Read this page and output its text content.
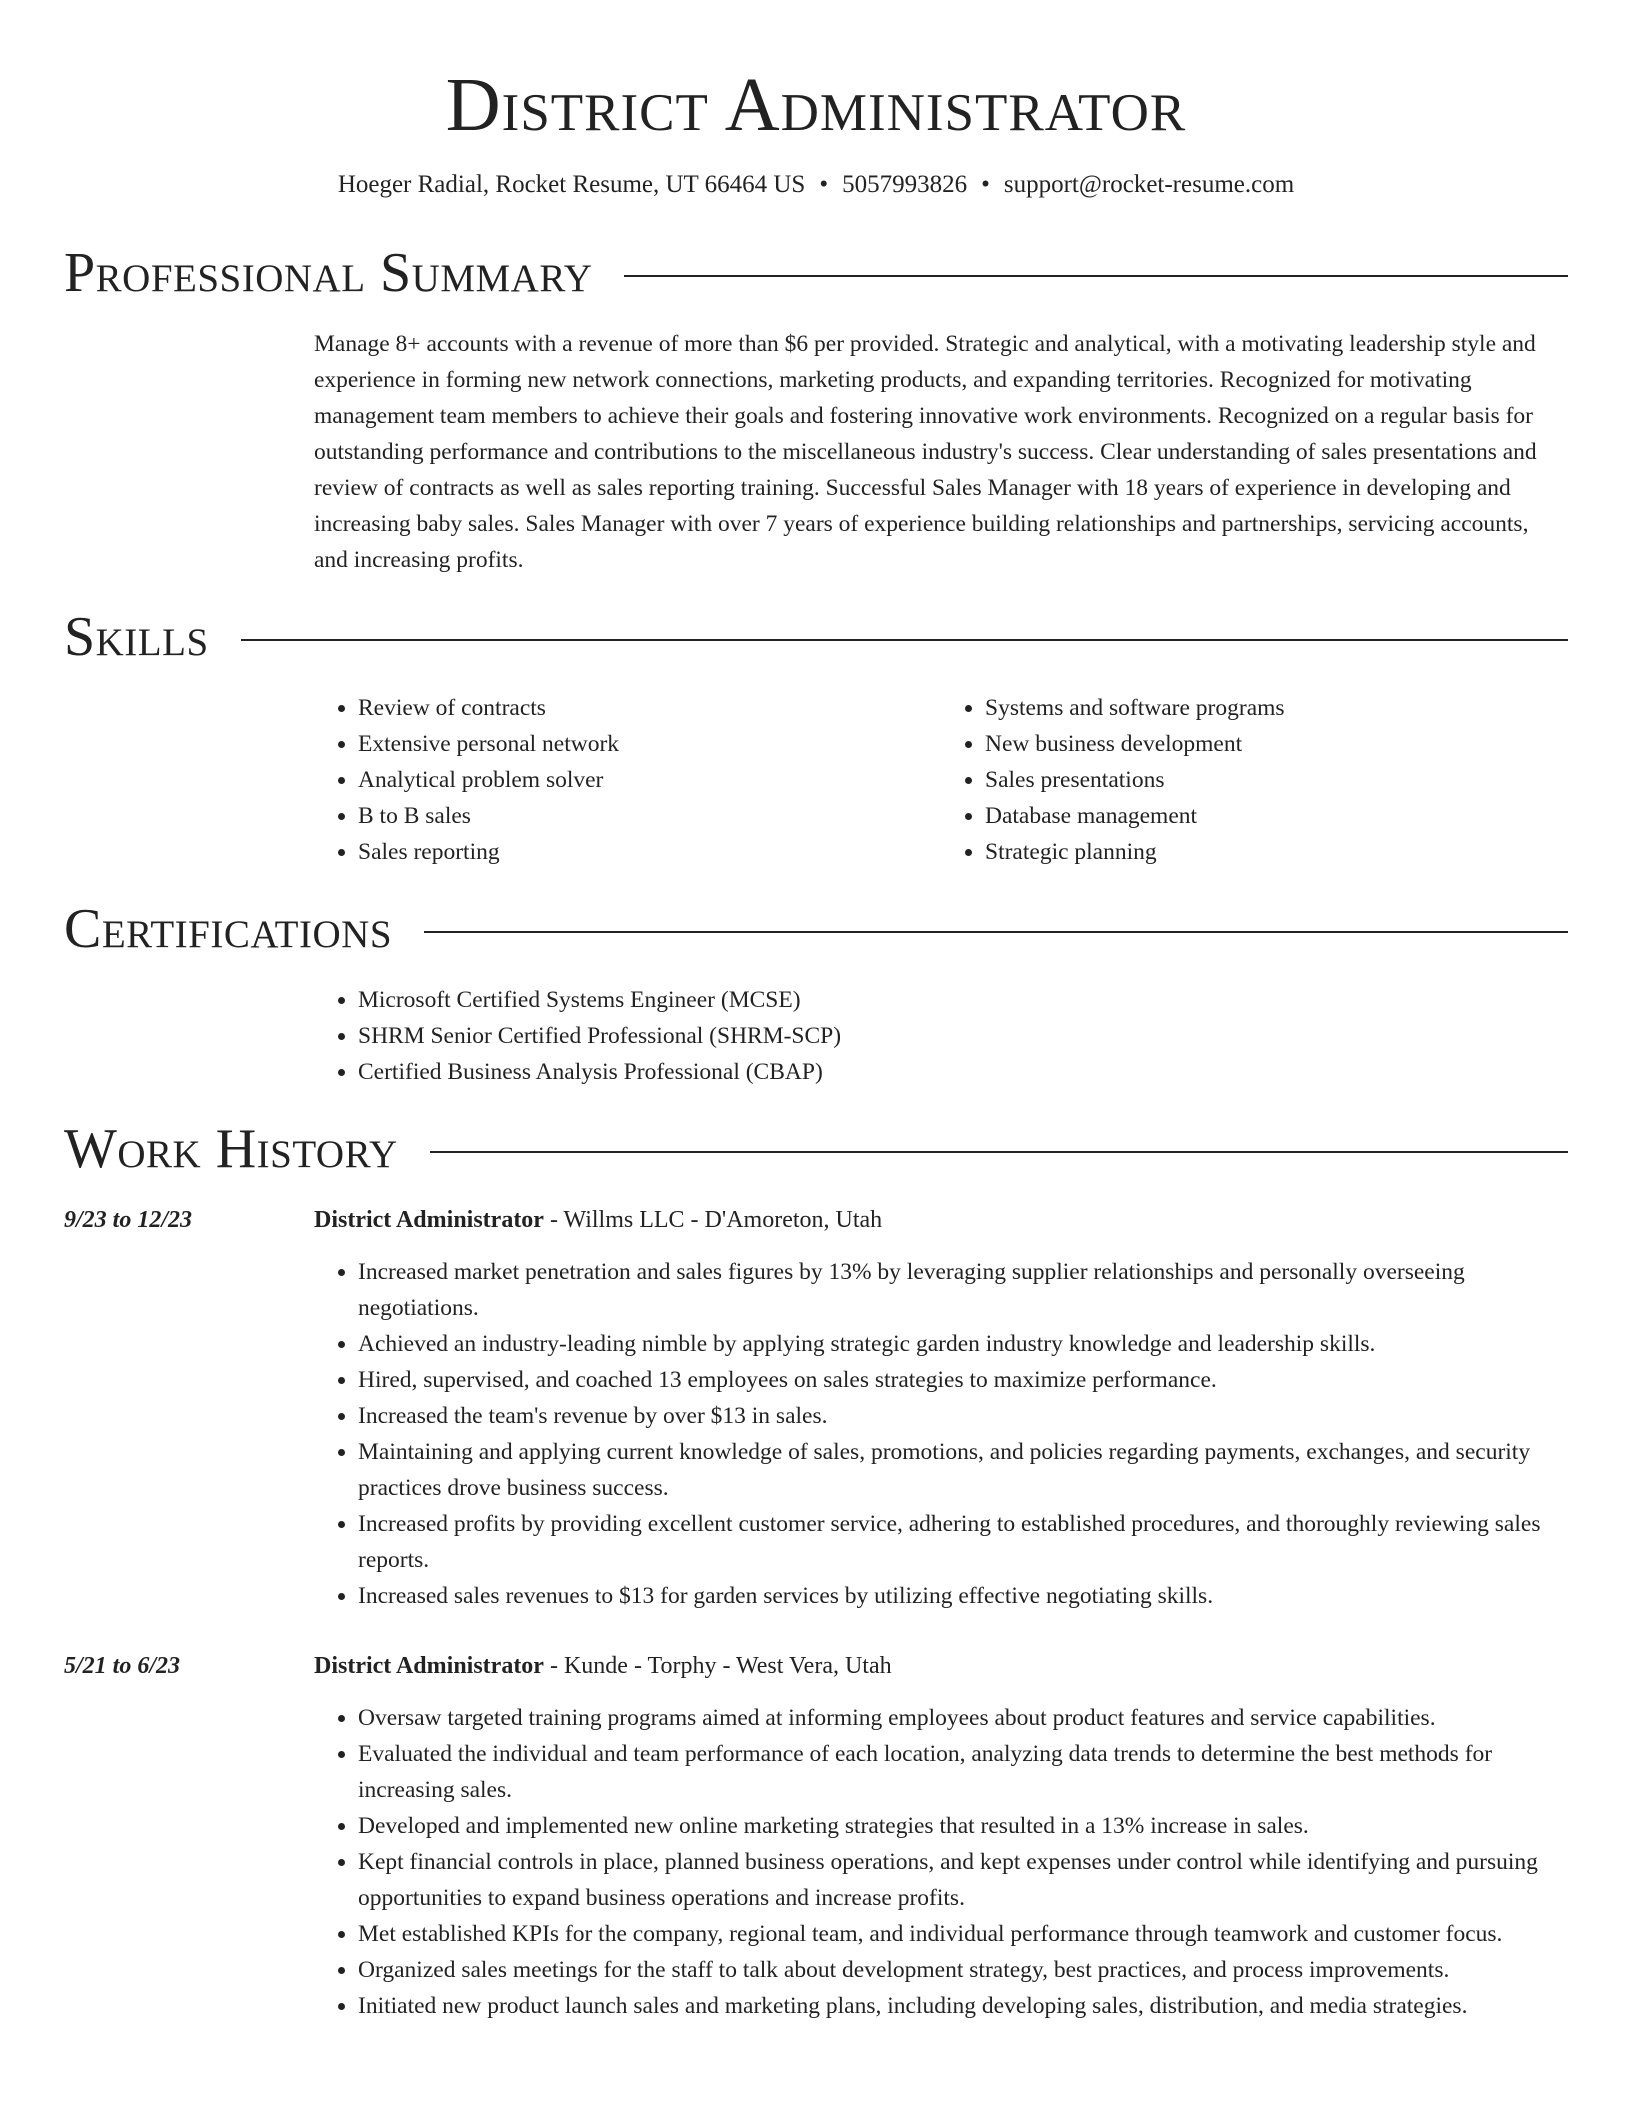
District Administrator
Hoeger Radial, Rocket Resume, UT 66464 US • 5057993826 • support@rocket-resume.com
Professional Summary

Manage 8+ accounts with a revenue of more than $6 per provided. Strategic and analytical, with a motivating leadership style and experience in forming new network connections, marketing products, and expanding territories. Recognized for motivating management team members to achieve their goals and fostering innovative work environments. Recognized on a regular basis for outstanding performance and contributions to the miscellaneous industry's success. Clear understanding of sales presentations and review of contracts as well as sales reporting training. Successful Sales Manager with 18 years of experience in developing and increasing baby sales. Sales Manager with over 7 years of experience building relationships and partnerships, servicing accounts, and increasing profits.

Skills
• Review of contracts
• Extensive personal network
• Analytical problem solver
• B to B sales
• Sales reporting
• Systems and software programs
• New business development
• Sales presentations
• Database management
• Strategic planning
Certifications
• Microsoft Certified Systems Engineer (MCSE)
• SHRM Senior Certified Professional (SHRM-SCP)
• Certified Business Analysis Professional (CBAP)
Work History
9/23 to 12/23	District Administrator - Willms LLC - D'Amoreton, Utah
• Increased market penetration and sales figures by 13% by leveraging supplier relationships and personally overseeing negotiations.
• Achieved an industry-leading nimble by applying strategic garden industry knowledge and leadership skills.
• Hired, supervised, and coached 13 employees on sales strategies to maximize performance.
• Increased the team's revenue by over $13 in sales.
• Maintaining and applying current knowledge of sales, promotions, and policies regarding payments, exchanges, and security practices drove business success.
• Increased profits by providing excellent customer service, adhering to established procedures, and thoroughly reviewing sales reports.
• Increased sales revenues to $13 for garden services by utilizing effective negotiating skills.
5/21 to 6/23	District Administrator - Kunde - Torphy - West Vera, Utah
• Oversaw targeted training programs aimed at informing employees about product features and service capabilities.
• Evaluated the individual and team performance of each location, analyzing data trends to determine the best methods for increasing sales.
• Developed and implemented new online marketing strategies that resulted in a 13% increase in sales.
• Kept financial controls in place, planned business operations, and kept expenses under control while identifying and pursuing opportunities to expand business operations and increase profits.
• Met established KPIs for the company, regional team, and individual performance through teamwork and customer focus.
• Organized sales meetings for the staff to talk about development strategy, best practices, and process improvements.
• Initiated new product launch sales and marketing plans, including developing sales, distribution, and media strategies.
